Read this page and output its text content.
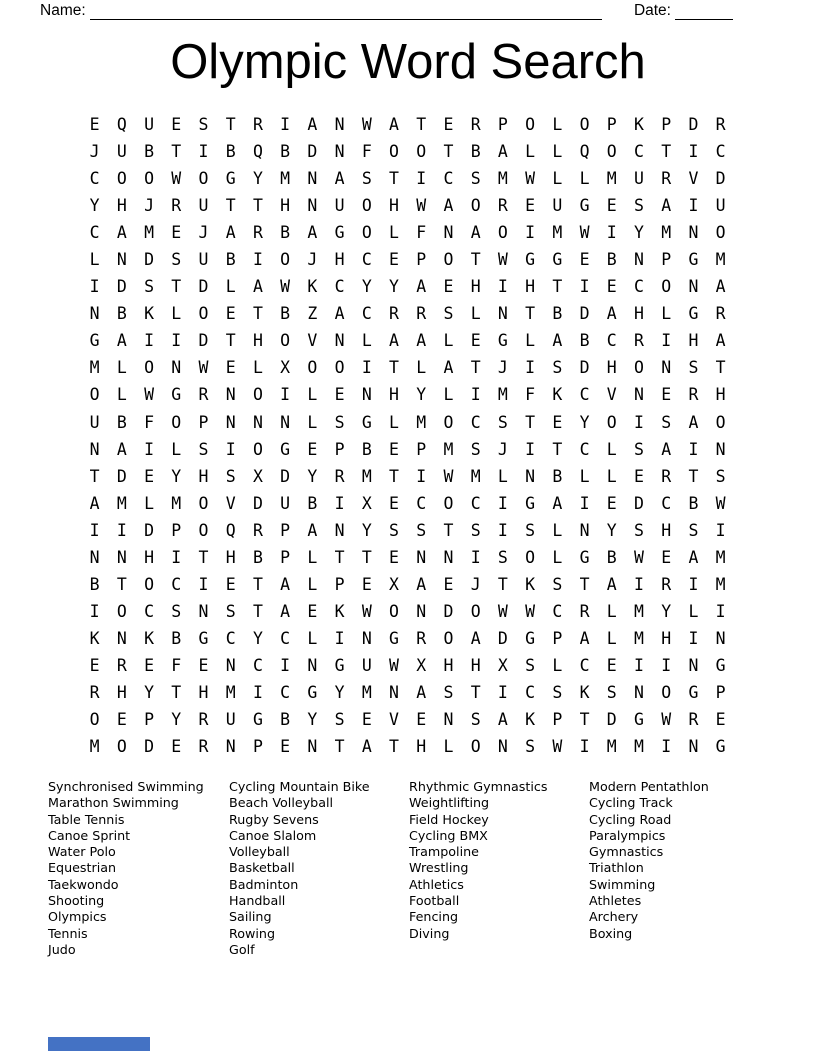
Name:	Date:
Olympic Word Search
E	Q	U	E	S	T	R	I	A	N	W	A	T	E	R	P	O	L	O	P	K	P	D	R
J	U	B	T	I	B	Q	B	D	N	F	O	O	T	B	A	L	L	Q	O	C	T	I	C
C	O	O	W	O	G	Y	M	N	A	S	T	I	C	S	M	W	L	L	M	U	R	V	D
Y	H	J	R	U	T	T	H	N	U	O	H	W	A	O	R	E	U	G	E	S	A	I	U
C	A	M	E	J	A	R	B	A	G	O	L	F	N	A	O	I	M	W	I	Y	M	N	O
L	N	D	S	U	B	I	O	J	H	C	E	P	O	T	W	G	G	E	B	N	P	G	M
I	D	S	T	D	L	A	W	K	C	Y	Y	A	E	H	I	H	T	I	E	C	O	N	A
N	B	K	L	O	E	T	B	Z	A	C	R	R	S	L	N	T	B	D	A	H	L	G	R
G	A	I	I	D	T	H	O	V	N	L	A	A	L	E	G	L	A	B	C	R	I	H	A
M	L	O	N	W	E	L	X	O	O	I	T	L	A	T	J	I	S	D	H	O	N	S	T
O	L	W	G	R	N	O	I	L	E	N	H	Y	L	I	M	F	K	C	V	N	E	R	H
U	B	F	O	P	N	N	N	L	S	G	L	M	O	C	S	T	E	Y	O	I	S	A	O
N	A	I	L	S	I	O	G	E	P	B	E	P	M	S	J	I	T	C	L	S	A	I	N
T	D	E	Y	H	S	X	D	Y	R	M	T	I	W	M	L	N	B	L	L	E	R	T	S
A	M	L	M	O	V	D	U	B	I	X	E	C	O	C	I	G	A	I	E	D	C	B	W
I	I	D	P	O	Q	R	P	A	N	Y	S	S	T	S	I	S	L	N	Y	S	H	S	I
N	N	H	I	T	H	B	P	L	T	T	E	N	N	I	S	O	L	G	B	W	E	A	M
B	T	O	C	I	E	T	A	L	P	E	X	A	E	J	T	K	S	T	A	I	R	I	M
I	O	C	S	N	S	T	A	E	K	W	O	N	D	O	W	W	C	R	L	M	Y	L	I
K	N	K	B	G	C	Y	C	L	I	N	G	R	O	A	D	G	P	A	L	M	H	I	N
E	R	E	F	E	N	C	I	N	G	U	W	X	H	H	X	S	L	C	E	I	I	N	G
R	H	Y	T	H	M	I	C	G	Y	M	N	A	S	T	I	C	S	K	S	N	O	G	P
O	E	P	Y	R	U	G	B	Y	S	E	V	E	N	S	A	K	P	T	D	G	W	R	E
M	O	D	E	R	N	P	E	N	T	A	T	H	L	O	N	S	W	I	M	M	I	N	G
Synchronised Swimming
Marathon Swimming
Table Tennis
Canoe Sprint
Water Polo
Equestrian
Taekwondo
Shooting
Olympics
Tennis
Judo
Cycling Mountain Bike
Beach Volleyball
Rugby Sevens
Canoe Slalom
Volleyball
Basketball
Badminton
Handball
Sailing
Rowing
Golf
Rhythmic Gymnastics
Weightlifting
Field Hockey
Cycling BMX
Trampoline
Wrestling
Athletics
Football
Fencing
Diving
Modern Pentathlon
Cycling Track
Cycling Road
Paralympics
Gymnastics
Triathlon
Swimming
Athletes
Archery
Boxing
